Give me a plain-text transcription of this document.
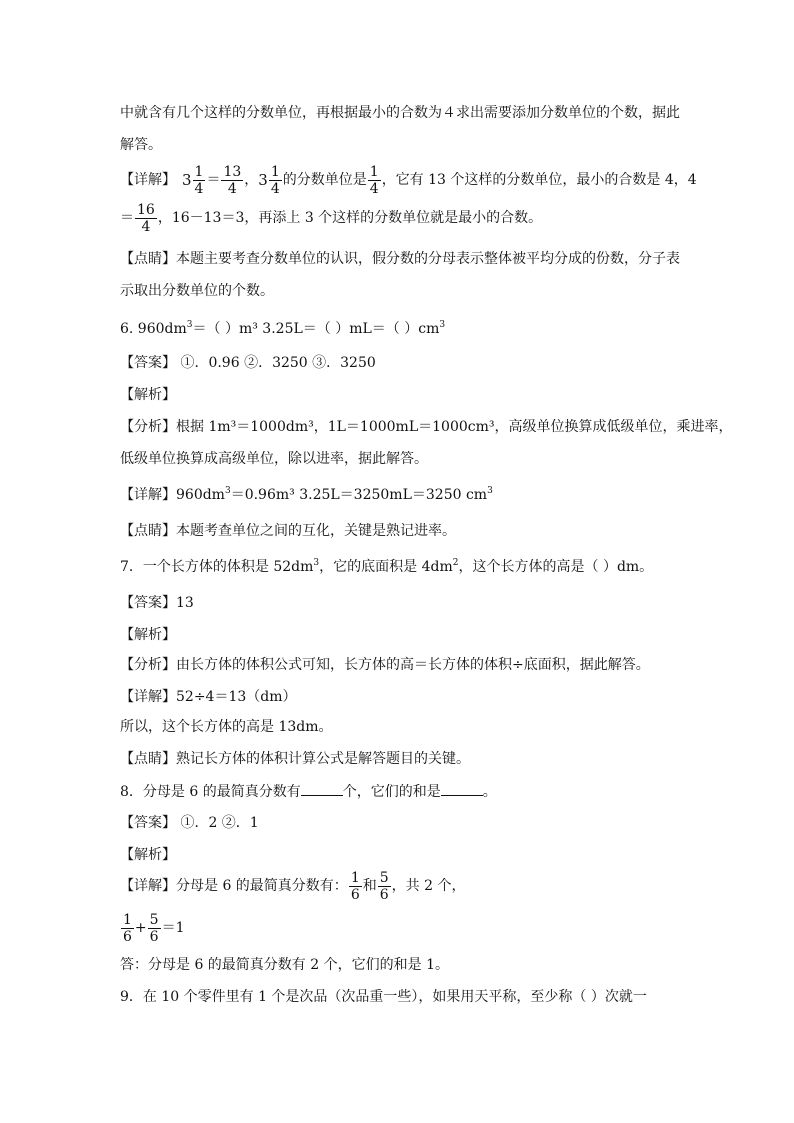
中就含有几个这样的分数单位，再根据最小的合数为４求出需要添加分数单位的个数，据此
解答。
【详解】 $3 \frac{1}{4} = \frac{13}{4}$ ，$3 \frac{1}{4}$ 的分数单位是 $\frac{1}{4}$ ，它有 13 个这样的分数单位，最小的合数是 4，4
＝ $\frac{16}{4}$ ，16－13＝3，再添上 3 个这样的分数单位就是最小的合数。
【点睛】本题主要考查分数单位的认识，假分数的分母表示整体被平均分成的份数，分子表
示取出分数单位的个数。
6. $960dm^3=$（ ）m³ 3.25L＝（ ）mL＝（ ）$cm^3$
【答案】 ①．0.96 ②．3250 ③．3250
【解析】
【分析】根据 1m³＝1000dm³，1L＝1000mL＝1000cm³，高级单位换算成低级单位，乘进率，
低级单位换算成高级单位，除以进率，据此解答。
【详解】$960dm^3=0.96m^3$ 3.25L＝3250mL＝3250 $cm^3$
【点睛】本题考查单位之间的互化，关键是熟记进率。
7．一个长方体的体积是 $52dm^3$，它的底面积是 $4dm^2$，这个长方体的高是（ ）dm。
【答案】13
【解析】
【分析】由长方体的体积公式可知，长方体的高＝长方体的体积÷底面积，据此解答。
【详解】52÷4＝13（dm）
所以，这个长方体的高是 13dm。
【点睛】熟记长方体的体积计算公式是解答题目的关键。
8．分母是 6 的最简真分数有	个，它们的和是	。
【答案】 ①．2 ②．1
【解析】
【详解】分母是 6 的最简真分数有： $\frac{1}{6}$ 和 $\frac{5}{6}$ ，共 2 个，
$\frac{1}{6} + \frac{5}{6} =1$
答：分母是 6 的最简真分数有 2 个，它们的和是 1。
9．在 10 个零件里有 1 个是次品（次品重一些），如果用天平称，至少称（ ）次就一
